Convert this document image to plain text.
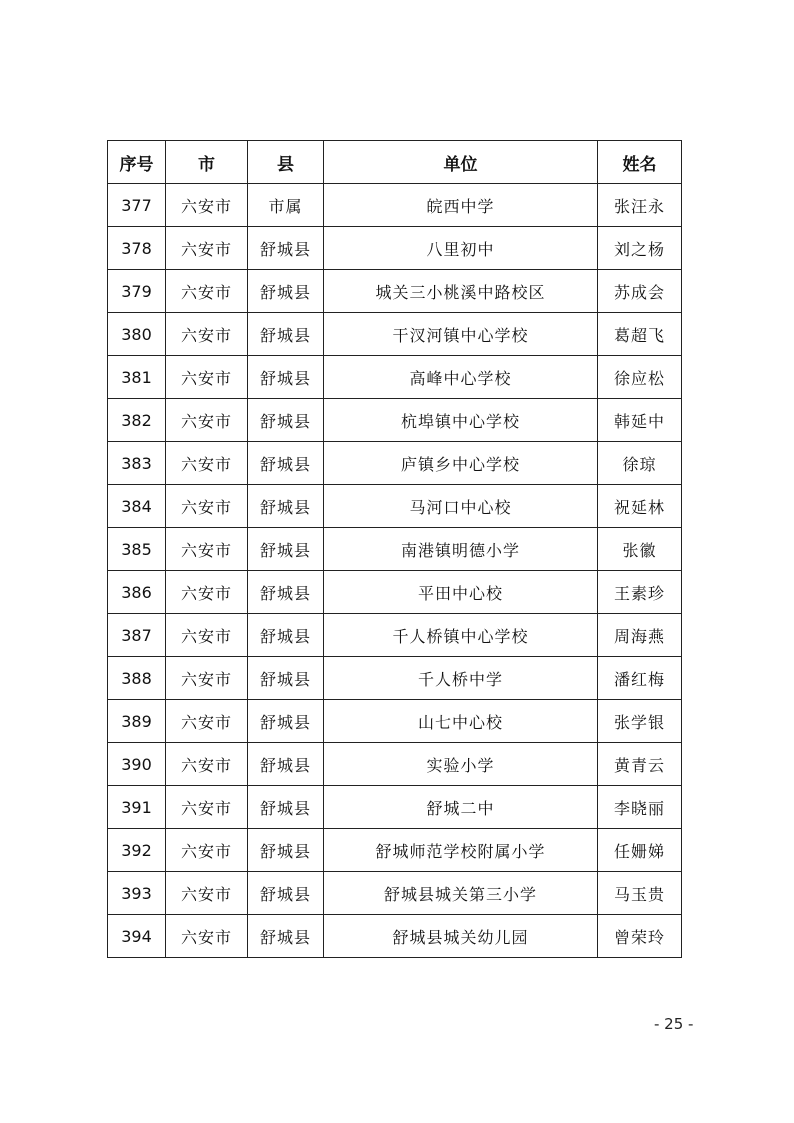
序号	市	县	单位	姓名
377	六安市	市属	皖西中学	张汪永
378	六安市	舒城县	八里初中	刘之杨
379	六安市	舒城县	城关三小桃溪中路校区	苏成会
380	六安市	舒城县	干汊河镇中心学校	葛超飞
381	六安市	舒城县	高峰中心学校	徐应松
382	六安市	舒城县	杭埠镇中心学校	韩延中
383	六安市	舒城县	庐镇乡中心学校	徐琼
384	六安市	舒城县	马河口中心校	祝延林
385	六安市	舒城县	南港镇明德小学	张徽
386	六安市	舒城县	平田中心校	王素珍
387	六安市	舒城县	千人桥镇中心学校	周海燕
388	六安市	舒城县	千人桥中学	潘红梅
389	六安市	舒城县	山七中心校	张学银
390	六安市	舒城县	实验小学	黄青云
391	六安市	舒城县	舒城二中	李晓丽
392	六安市	舒城县	舒城师范学校附属小学	任姗娣
393	六安市	舒城县	舒城县城关第三小学	马玉贵
394	六安市	舒城县	舒城县城关幼儿园	曾荣玲
- 25 -
